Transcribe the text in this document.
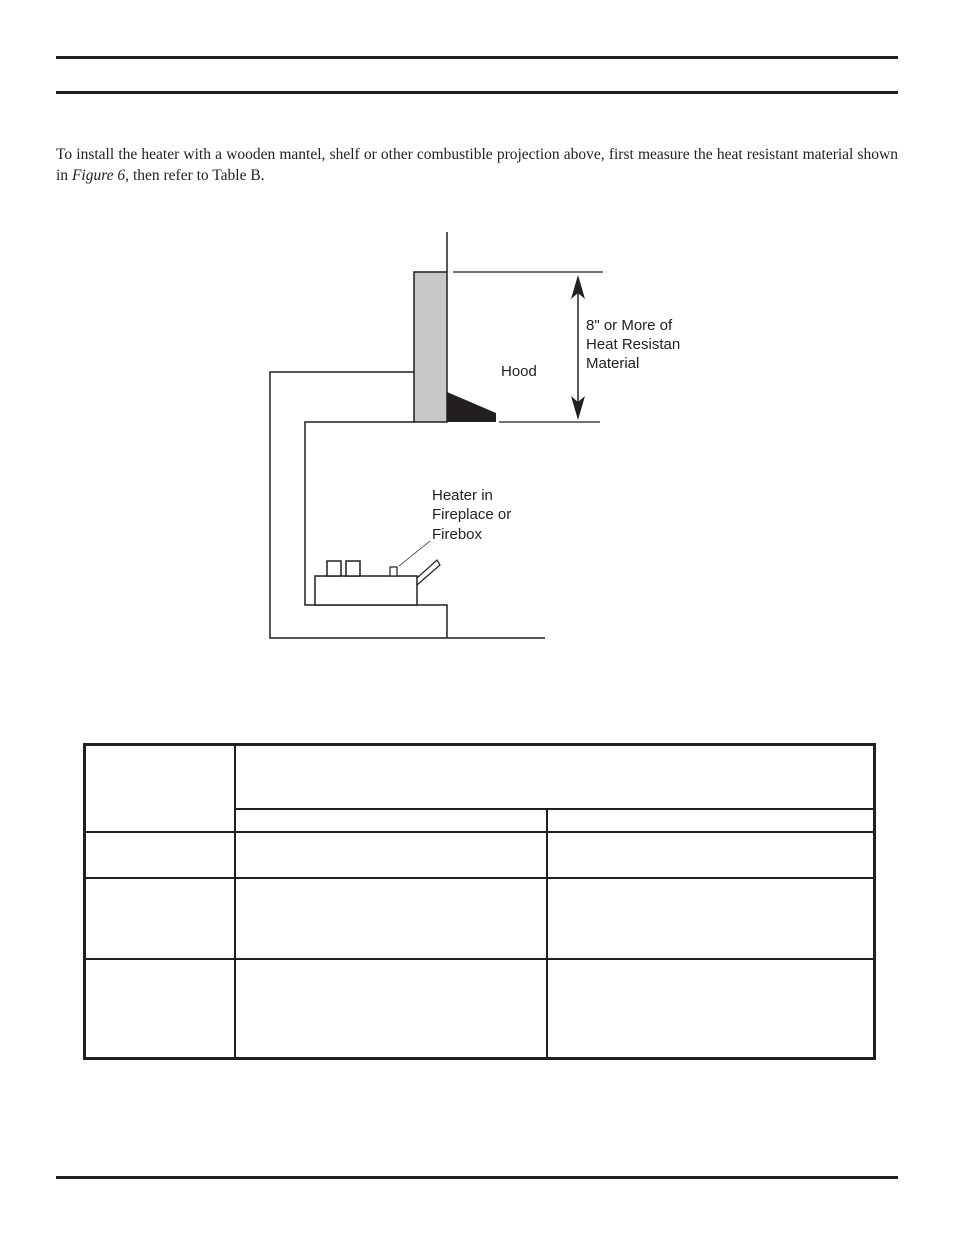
To install the heater with a wooden mantel, shelf or other combustible projection above, first measure the heat resistant material shown in Figure 6, then refer to Table B.

8" or More of
Heat Resistan
Material
Hood
Heater in
Fireplace or
Firebox
